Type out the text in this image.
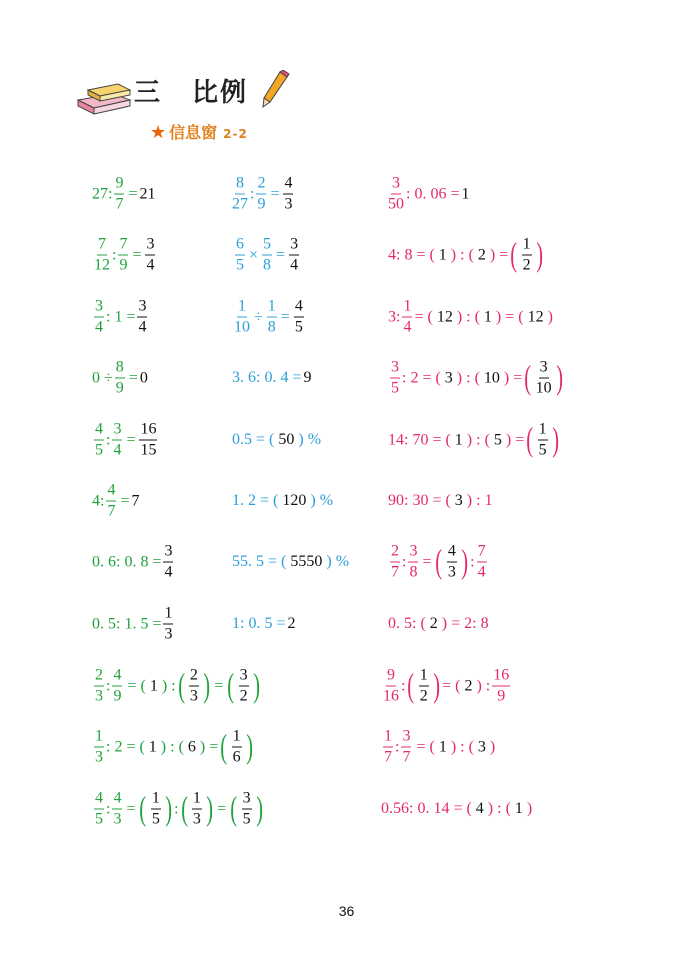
三 比例
★ 信息窗 2-2
27 : $\frac{9}{7} = 21$	$\frac{8}{27}$ : $\frac{2}{9} = \frac{4}{3}$	$\frac{3}{50}$ : 0. 06 = 1
$\frac{7}{12}$ : $\frac{7}{9} = \frac{3}{4}$	$\frac{6}{5} \times \frac{5}{8} = \frac{3}{4}$	4: 8 = ( 1 ) : ( 2 ) = ( $\frac{1}{2}$ )
$\frac{3}{4}$ : $1 = \frac{3}{4}$	$\frac{1}{10} \div \frac{1}{8} = \frac{4}{5}$	3: $\frac{1}{4}$ = ( 12 ) : ( 1 ) = ( 12 )
$0 \div \frac{8}{9} = 0$	3. 6: 0. 4 = 9	$\frac{3}{5}$ : 2 = ( 3 ) : ( 10 ) = ( $\frac{3}{10}$ )
$\frac{4}{5}$ : $\frac{3}{4} = \frac{16}{15}$	0.5 = ( 50 ) %	14: 70 = ( 1 ) : ( 5 ) = ( $\frac{1}{5}$ )
4: $\frac{4}{7} = 7$	1. 2 = ( 120 ) %	90: 30 = ( 3 ) : 1
0. 6: 0. $8 = \frac{3}{4}$	55. 5 = ( 5550 ) %	$\frac{2}{7}$ : $\frac{3}{8}$ = ( $\frac{4}{3}$ ) : $\frac{7}{4}$
0. 5: 1. $5 = \frac{1}{3}$	1: 0. 5 = 2	0. 5: ( 2 ) = 2: 8
$\frac{2}{3}$ : $\frac{4}{9}$ = ( 1 ) : ( $\frac{2}{3}$ ) = ( $\frac{3}{2}$ )	$\frac{9}{16}$ : ( $\frac{1}{2}$ ) = ( 2 ) : $\frac{16}{9}$
$\frac{1}{3}$ : 2 = ( 1 ) : ( 6 ) = ( $\frac{1}{6}$ )	$\frac{1}{7}$ : $\frac{3}{7}$ = ( 1 ) : ( 3 )
$\frac{4}{5}$ : $\frac{4}{3}$ = ( $\frac{1}{5}$ ) : ( $\frac{1}{3}$ ) = ( $\frac{3}{5}$ )	0.56: 0. 14 = ( 4 ) : ( 1 )
36
